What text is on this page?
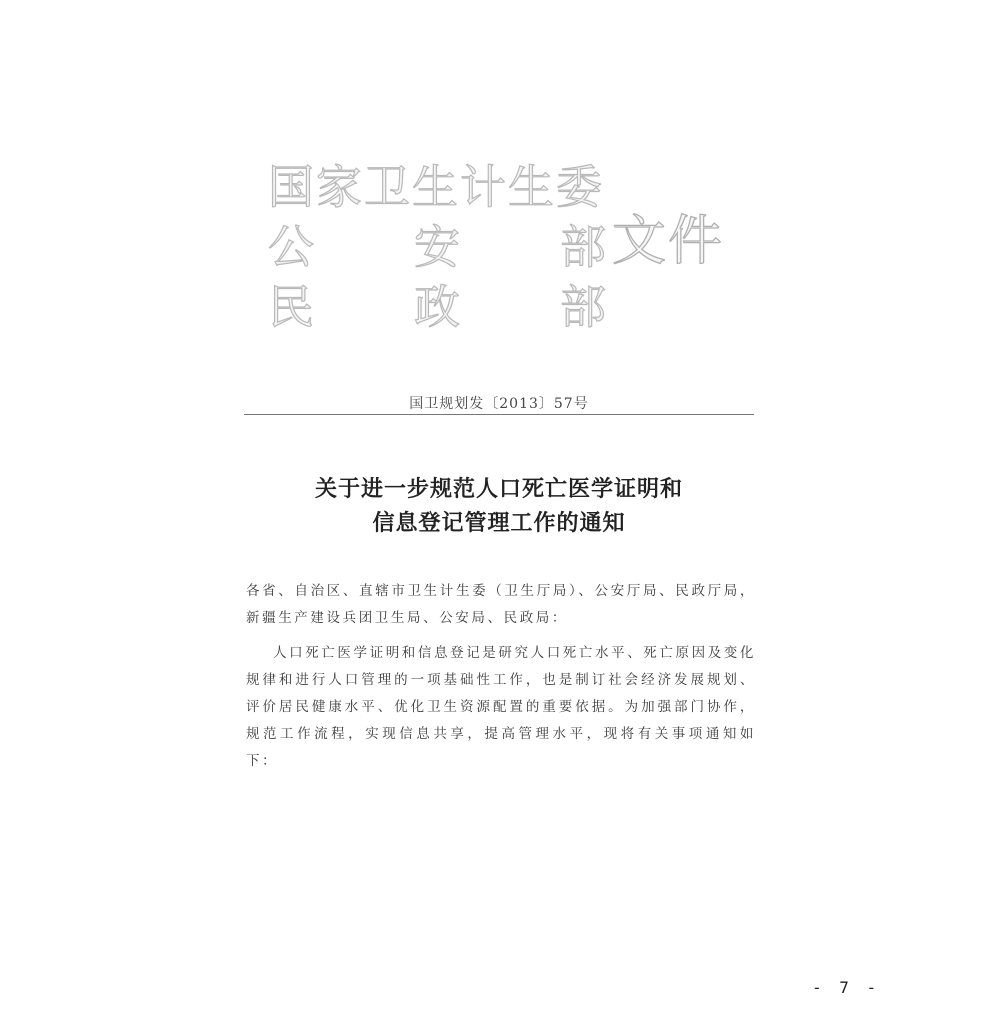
国家卫生计生委
公 安 部
民 政 部
文件
国卫规划发〔2013〕57号
关于进一步规范人口死亡医学证明和
信息登记管理工作的通知

各省、自治区、直辖市卫生计生委（卫生厅局）、公安厅局、民政厅局，新疆生产建设兵团卫生局、公安局、民政局：

人口死亡医学证明和信息登记是研究人口死亡水平、死亡原因及变化规律和进行人口管理的一项基础性工作，也是制订社会经济发展规划、评价居民健康水平、优化卫生资源配置的重要依据。为加强部门协作，规范工作流程，实现信息共享，提高管理水平，现将有关事项通知如下：

- 7 -
